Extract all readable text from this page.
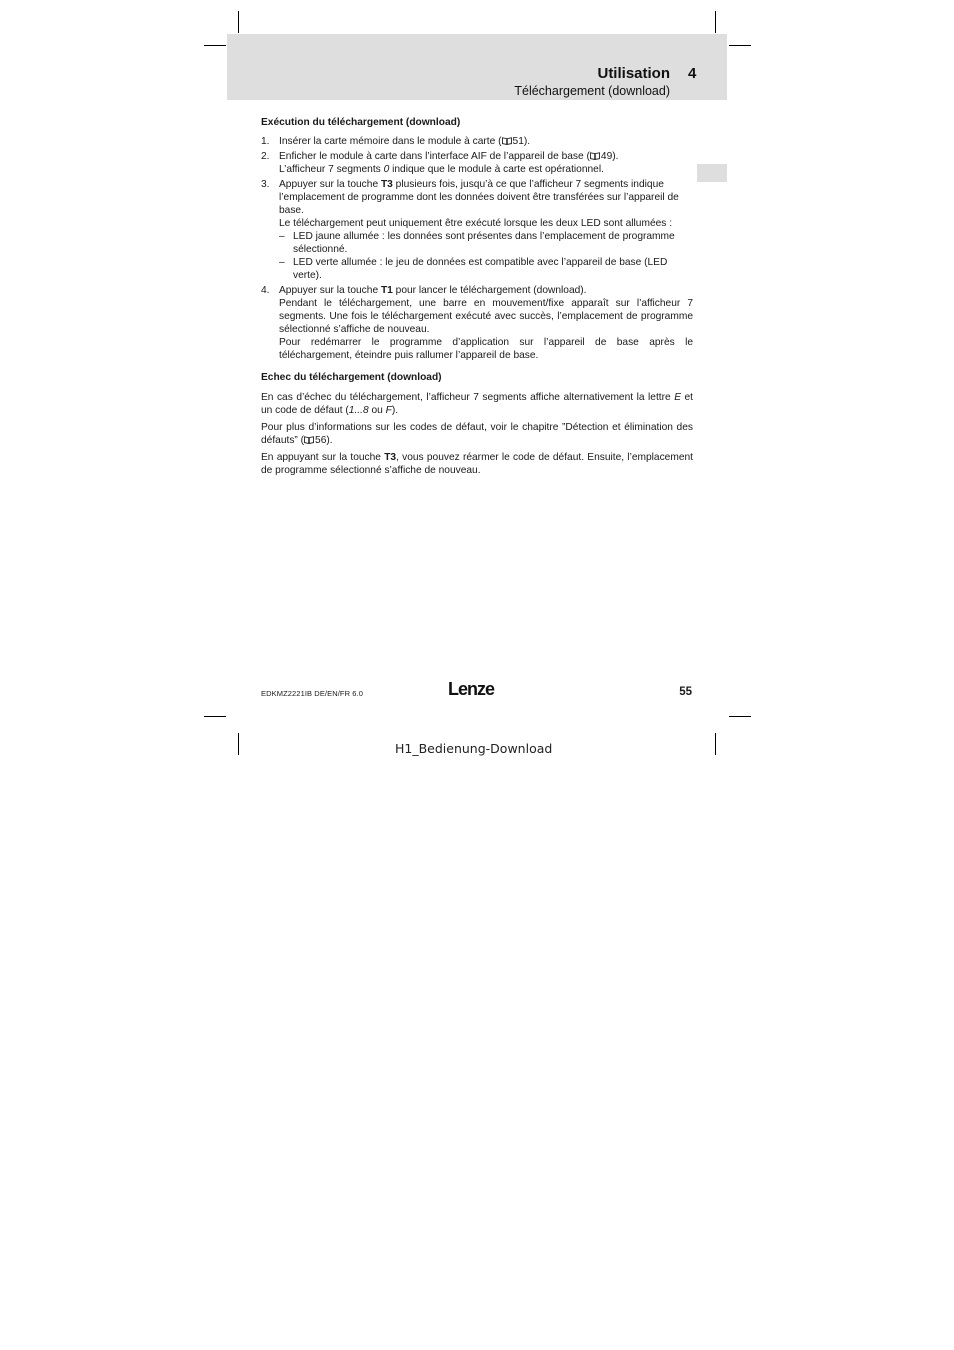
Utilisation 4
Téléchargement (download)

Exécution du téléchargement (download)

1. Insérer la carte mémoire dans le module à carte ( 51).
2. Enficher le module à carte dans l’interface AIF de l’appareil de base ( 49).
L’afficheur 7 segments 0 indique que le module à carte est opérationnel.
3. Appuyer sur la touche T3 plusieurs fois, jusqu’à ce que l’afficheur 7 segments indique l’emplacement de programme dont les données doivent être transférées sur l’appareil de base.
Le téléchargement peut uniquement être exécuté lorsque les deux LED sont allumées :
– LED jaune allumée : les données sont présentes dans l’emplacement de programme sélectionné.
– LED verte allumée : le jeu de données est compatible avec l’appareil de base (LED verte).
4. Appuyer sur la touche T1 pour lancer le téléchargement (download).
Pendant le téléchargement, une barre en mouvement/fixe apparaît sur l’afficheur 7 segments. Une fois le téléchargement exécuté avec succès, l’emplacement de programme sélectionné s’affiche de nouveau.
Pour redémarrer le programme d’application sur l’appareil de base après le téléchargement, éteindre puis rallumer l’appareil de base.

Echec du téléchargement (download)

En cas d’échec du téléchargement, l’afficheur 7 segments affiche alternativement la lettre E et un code de défaut (1...8 ou F).

Pour plus d’informations sur les codes de défaut, voir le chapitre ”Détection et élimination des défauts” ( 56).

En appuyant sur la touche T3, vous pouvez réarmer le code de défaut. Ensuite, l’emplacement de programme sélectionné s’affiche de nouveau.

EDKMZ2221IB DE/EN/FR 6.0	Lenze	55
H1_Bedienung-Download
